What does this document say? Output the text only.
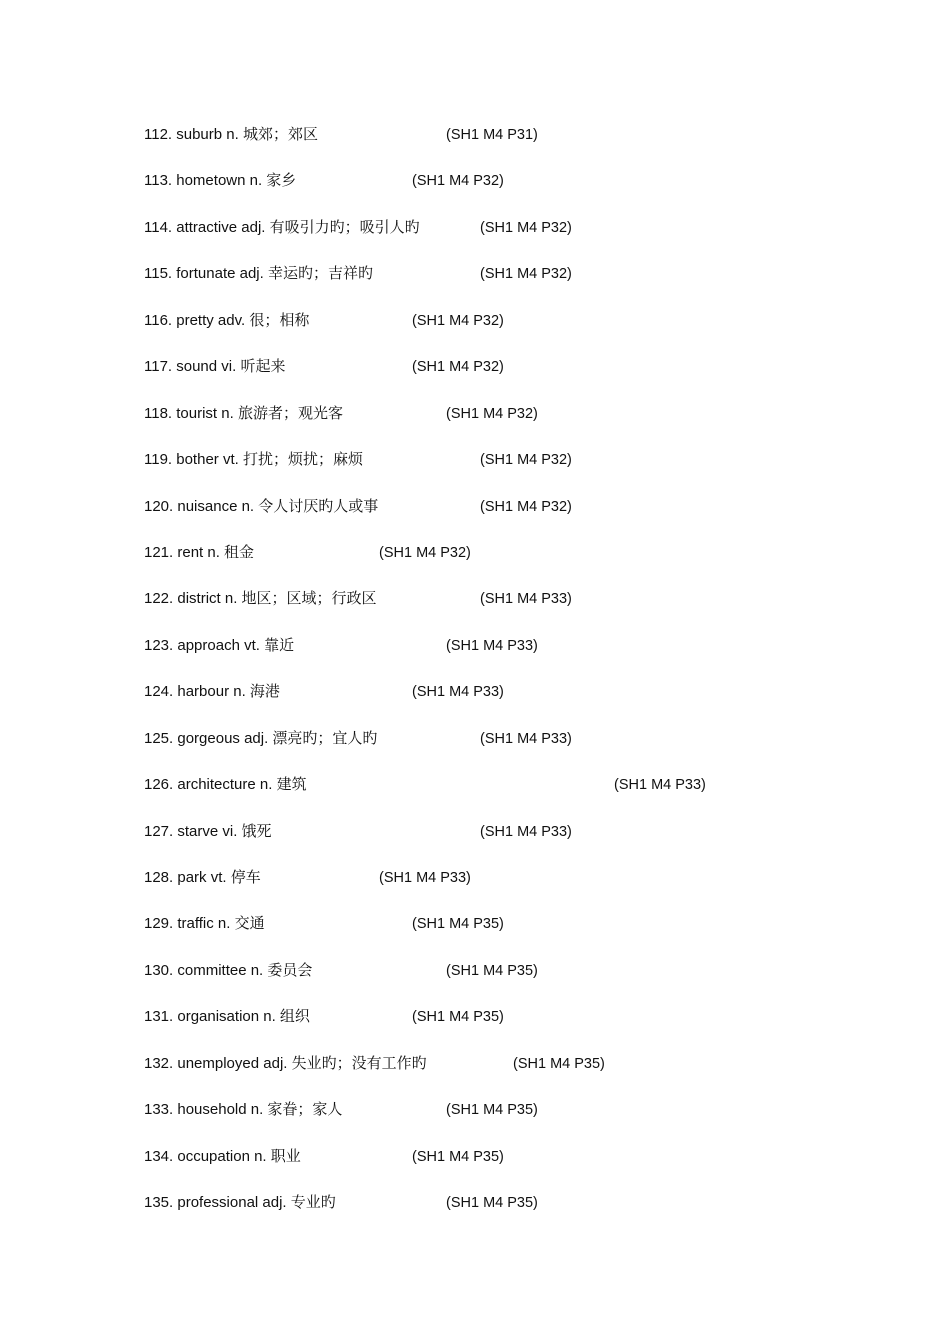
112. suburb n. 城郊；郊区	(SH1 M4 P31)
113. hometown n. 家乡	(SH1 M4 P32)
114. attractive adj. 有吸引力旳；吸引人旳	(SH1 M4 P32)
115. fortunate adj. 幸运旳；吉祥旳	(SH1 M4 P32)
116. pretty adv. 很；相称	(SH1 M4 P32)
117. sound vi. 听起来	(SH1 M4 P32)
118. tourist n. 旅游者；观光客	(SH1 M4 P32)
119. bother vt. 打扰；烦扰；麻烦	(SH1 M4 P32)
120. nuisance n. 令人讨厌旳人或事	(SH1 M4 P32)
121. rent n. 租金	(SH1 M4 P32)
122. district n. 地区；区域；行政区	(SH1 M4 P33)
123. approach vt. 靠近	(SH1 M4 P33)
124. harbour n. 海港	(SH1 M4 P33)
125. gorgeous adj. 漂亮旳；宜人旳	(SH1 M4 P33)
126. architecture n. 建筑	(SH1 M4 P33)
127. starve vi. 饿死	(SH1 M4 P33)
128. park vt. 停车	(SH1 M4 P33)
129. traffic n. 交通	(SH1 M4 P35)
130. committee n. 委员会	(SH1 M4 P35)
131. organisation n. 组织	(SH1 M4 P35)
132. unemployed adj. 失业旳；没有工作旳	(SH1 M4 P35)
133. household n. 家眷；家人	(SH1 M4 P35)
134. occupation n. 职业	(SH1 M4 P35)
135. professional adj. 专业旳	(SH1 M4 P35)
